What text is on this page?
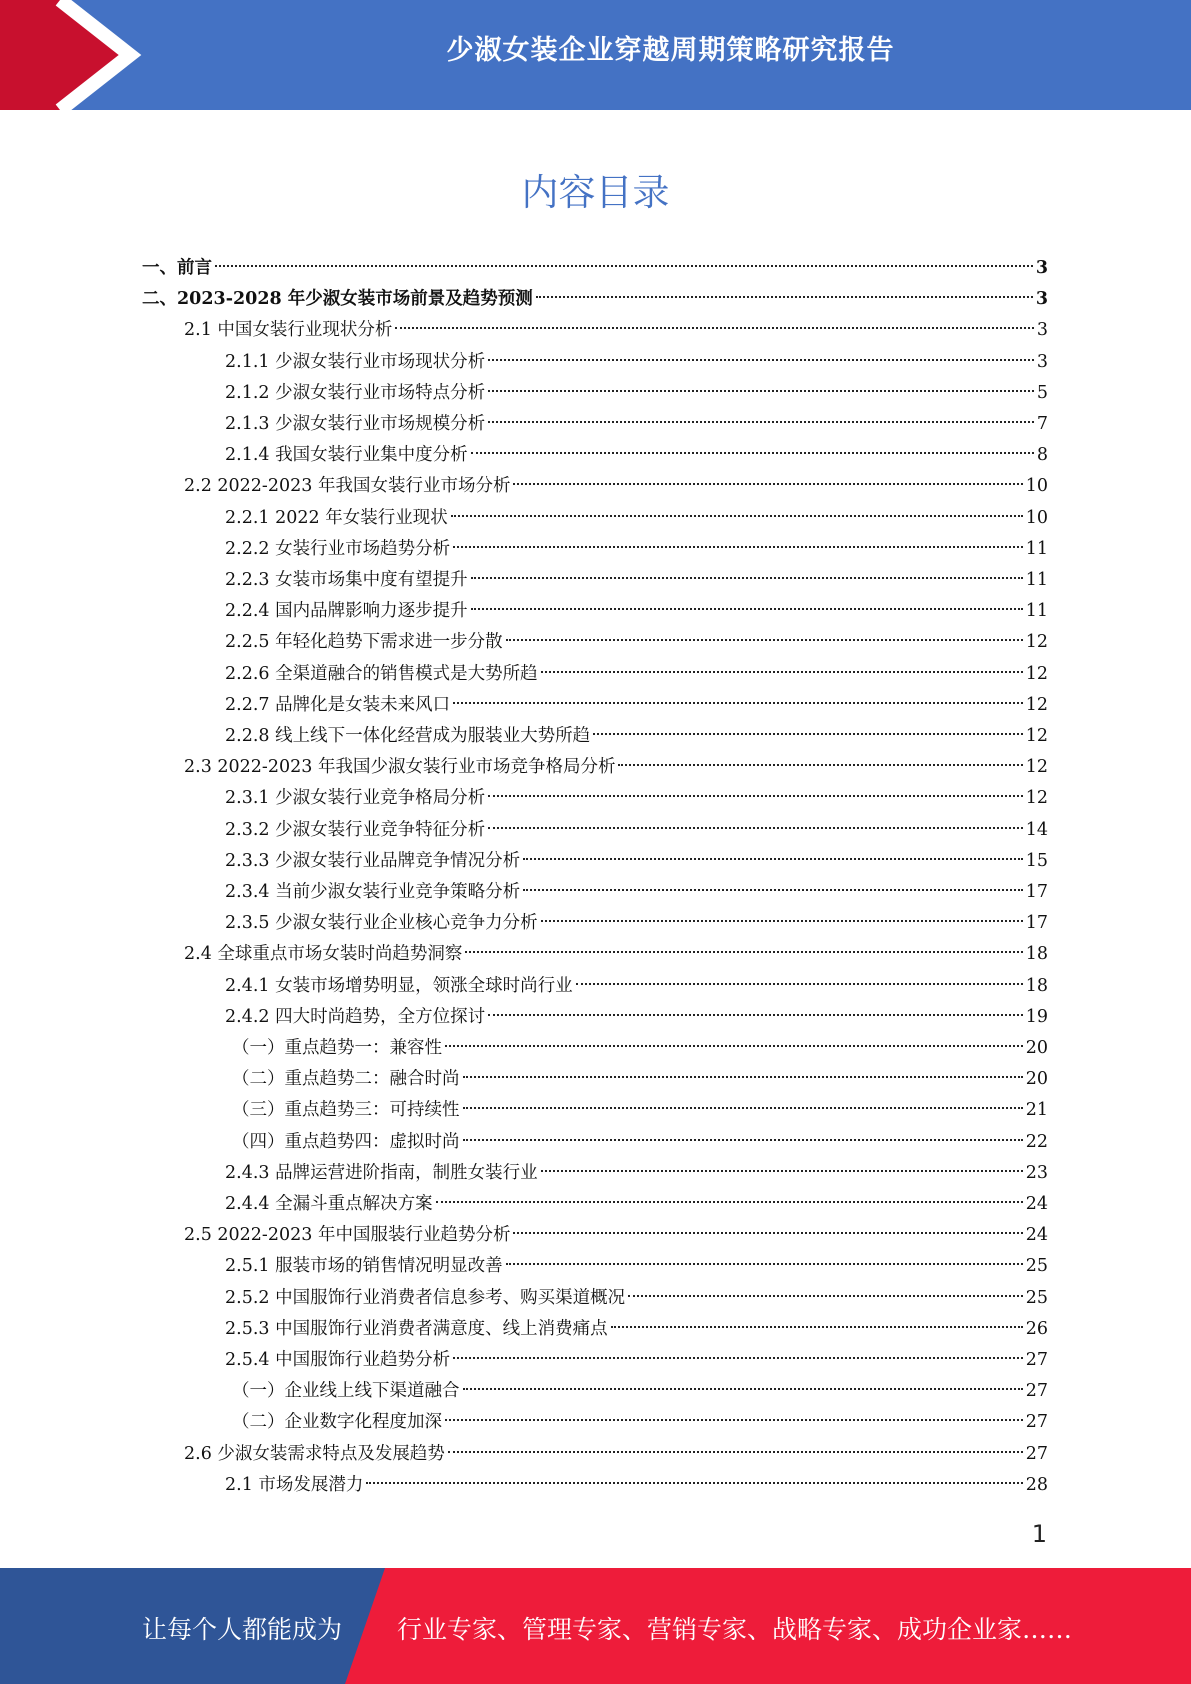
少淑女装企业穿越周期策略研究报告
内容目录
一、前言	3
二、2023-2028 年少淑女装市场前景及趋势预测	3
2.1 中国女装行业现状分析	3
2.1.1 少淑女装行业市场现状分析	3
2.1.2 少淑女装行业市场特点分析	5
2.1.3 少淑女装行业市场规模分析	7
2.1.4 我国女装行业集中度分析	8
2.2 2022-2023 年我国女装行业市场分析	10
2.2.1 2022 年女装行业现状	10
2.2.2 女装行业市场趋势分析	11
2.2.3 女装市场集中度有望提升	11
2.2.4 国内品牌影响力逐步提升	11
2.2.5 年轻化趋势下需求进一步分散	12
2.2.6 全渠道融合的销售模式是大势所趋	12
2.2.7 品牌化是女装未来风口	12
2.2.8 线上线下一体化经营成为服装业大势所趋	12
2.3 2022-2023 年我国少淑女装行业市场竞争格局分析	12
2.3.1 少淑女装行业竞争格局分析	12
2.3.2 少淑女装行业竞争特征分析	14
2.3.3 少淑女装行业品牌竞争情况分析	15
2.3.4 当前少淑女装行业竞争策略分析	17
2.3.5 少淑女装行业企业核心竞争力分析	17
2.4 全球重点市场女装时尚趋势洞察	18
2.4.1 女装市场增势明显，领涨全球时尚行业	18
2.4.2 四大时尚趋势，全方位探讨	19
（一）重点趋势一：兼容性	20
（二）重点趋势二：融合时尚	20
（三）重点趋势三：可持续性	21
（四）重点趋势四：虚拟时尚	22
2.4.3 品牌运营进阶指南，制胜女装行业	23
2.4.4 全漏斗重点解决方案	24
2.5 2022-2023 年中国服装行业趋势分析	24
2.5.1 服装市场的销售情况明显改善	25
2.5.2 中国服饰行业消费者信息参考、购买渠道概况	25
2.5.3 中国服饰行业消费者满意度、线上消费痛点	26
2.5.4 中国服饰行业趋势分析	27
（一）企业线上线下渠道融合	27
（二）企业数字化程度加深	27
2.6 少淑女装需求特点及发展趋势	27
2.1 市场发展潜力	28
1
让每个人都能成为 行业专家、管理专家、营销专家、战略专家、成功企业家……
